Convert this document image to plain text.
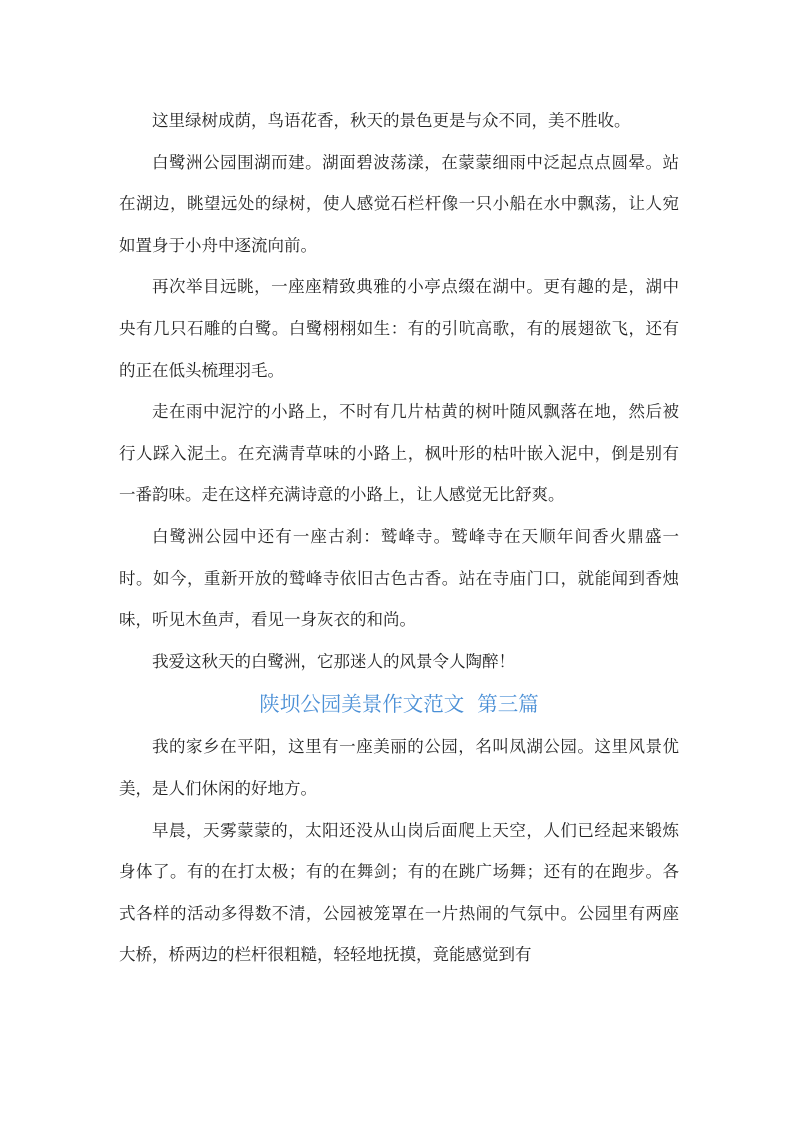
这里绿树成荫，鸟语花香，秋天的景色更是与众不同，美不胜收。

白鹭洲公园围湖而建。湖面碧波荡漾，在蒙蒙细雨中泛起点点圆晕。站在湖边，眺望远处的绿树，使人感觉石栏杆像一只小船在水中飘荡，让人宛如置身于小舟中逐流向前。

再次举目远眺，一座座精致典雅的小亭点缀在湖中。更有趣的是，湖中央有几只石雕的白鹭。白鹭栩栩如生：有的引吭高歌，有的展翅欲飞，还有的正在低头梳理羽毛。

走在雨中泥泞的小路上，不时有几片枯黄的树叶随风飘落在地，然后被行人踩入泥土。在充满青草味的小路上，枫叶形的枯叶嵌入泥中，倒是别有一番韵味。走在这样充满诗意的小路上，让人感觉无比舒爽。

白鹭洲公园中还有一座古刹：鹫峰寺。鹫峰寺在天顺年间香火鼎盛一时。如今，重新开放的鹫峰寺依旧古色古香。站在寺庙门口，就能闻到香烛味，听见木鱼声，看见一身灰衣的和尚。

我爱这秋天的白鹭洲，它那迷人的风景令人陶醉！

陕坝公园美景作文范文  第三篇

我的家乡在平阳，这里有一座美丽的公园，名叫凤湖公园。这里风景优美，是人们休闲的好地方。

早晨，天雾蒙蒙的，太阳还没从山岗后面爬上天空，人们已经起来锻炼身体了。有的在打太极；有的在舞剑；有的在跳广场舞；还有的在跑步。各式各样的活动多得数不清，公园被笼罩在一片热闹的气氛中。公园里有两座大桥，桥两边的栏杆很粗糙，轻轻地抚摸，竟能感觉到有
